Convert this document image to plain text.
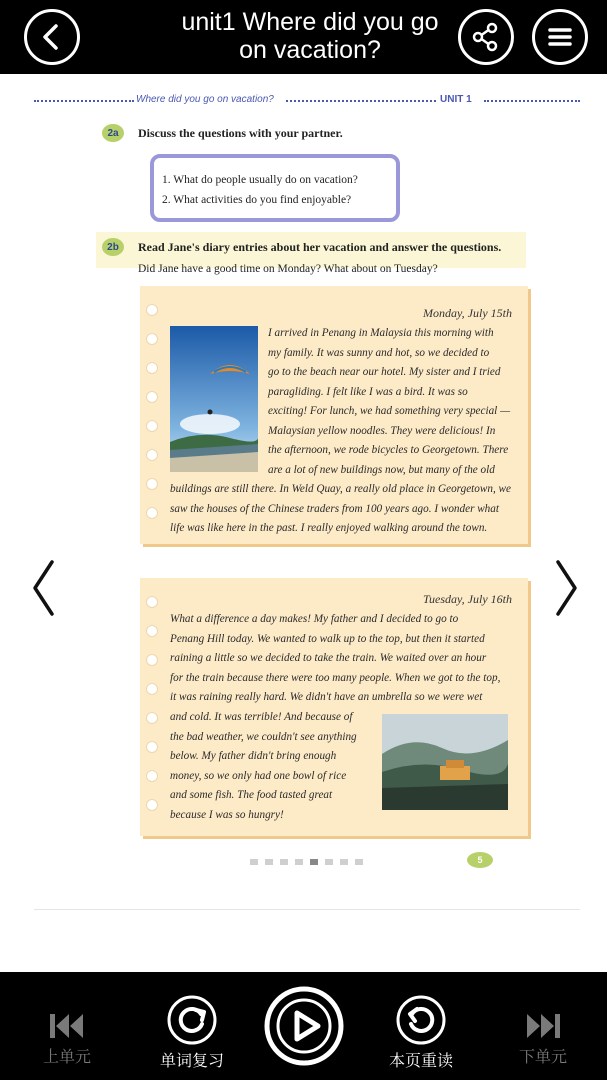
unit1 Where did you go
on vacation?
Where did you go on vacation?	UNIT 1
2a	Discuss the questions with your partner.
1. What do people usually do on vacation?
2. What activities do you find enjoyable?
2b	Read Jane's diary entries about her vacation and answer the questions.
Did Jane have a good time on Monday? What about on Tuesday?
Monday, July 15th
I arrived in Penang in Malaysia this morning with
my family. It was sunny and hot, so we decided to
go to the beach near our hotel. My sister and I tried
paragliding. I felt like I was a bird. It was so
exciting! For lunch, we had something very special —
Malaysian yellow noodles. They were delicious! In
the afternoon, we rode bicycles to Georgetown. There
are a lot of new buildings now, but many of the old
buildings are still there. In Weld Quay, a really old place in Georgetown, we
saw the houses of the Chinese traders from 100 years ago. I wonder what
life was like here in the past. I really enjoyed walking around the town.
Tuesday, July 16th
What a difference a day makes! My father and I decided to go to
Penang Hill today. We wanted to walk up to the top, but then it started
raining a little so we decided to take the train. We waited over an hour
for the train because there were too many people. When we got to the top,
it was raining really hard. We didn't have an umbrella so we were wet
and cold. It was terrible! And because of
the bad weather, we couldn't see anything
below. My father didn't bring enough
money, so we only had one bowl of rice
and some fish. The food tasted great
because I was so hungry!
5
上单元	单词复习	本页重读	下单元
